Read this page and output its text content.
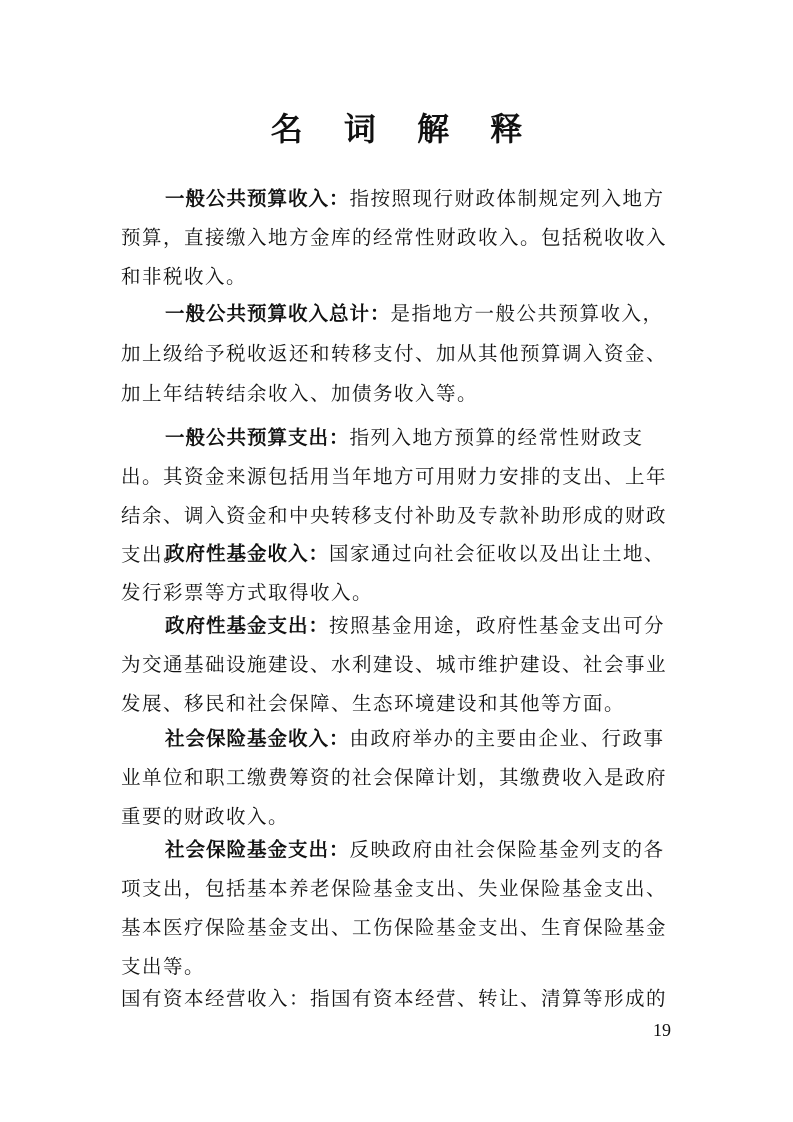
名 词 解 释

一般公共预算收入：指按照现行财政体制规定列入地方预算，直接缴入地方金库的经常性财政收入。包括税收收入和非税收入。

一般公共预算收入总计：是指地方一般公共预算收入，加上级给予税收返还和转移支付、加从其他预算调入资金、加上年结转结余收入、加债务收入等。

一般公共预算支出：指列入地方预算的经常性财政支出。其资金来源包括用当年地方可用财力安排的支出、上年结余、调入资金和中央转移支付补助及专款补助形成的财政支出。

政府性基金收入：国家通过向社会征收以及出让土地、发行彩票等方式取得收入。

政府性基金支出：按照基金用途，政府性基金支出可分为交通基础设施建设、水利建设、城市维护建设、社会事业发展、移民和社会保障、生态环境建设和其他等方面。

社会保险基金收入：由政府举办的主要由企业、行政事业单位和职工缴费筹资的社会保障计划，其缴费收入是政府重要的财政收入。

社会保险基金支出：反映政府由社会保险基金列支的各项支出，包括基本养老保险基金支出、失业保险基金支出、基本医疗保险基金支出、工伤保险基金支出、生育保险基金支出等。

国有资本经营收入：指国有资本经营、转让、清算等形成的

19
